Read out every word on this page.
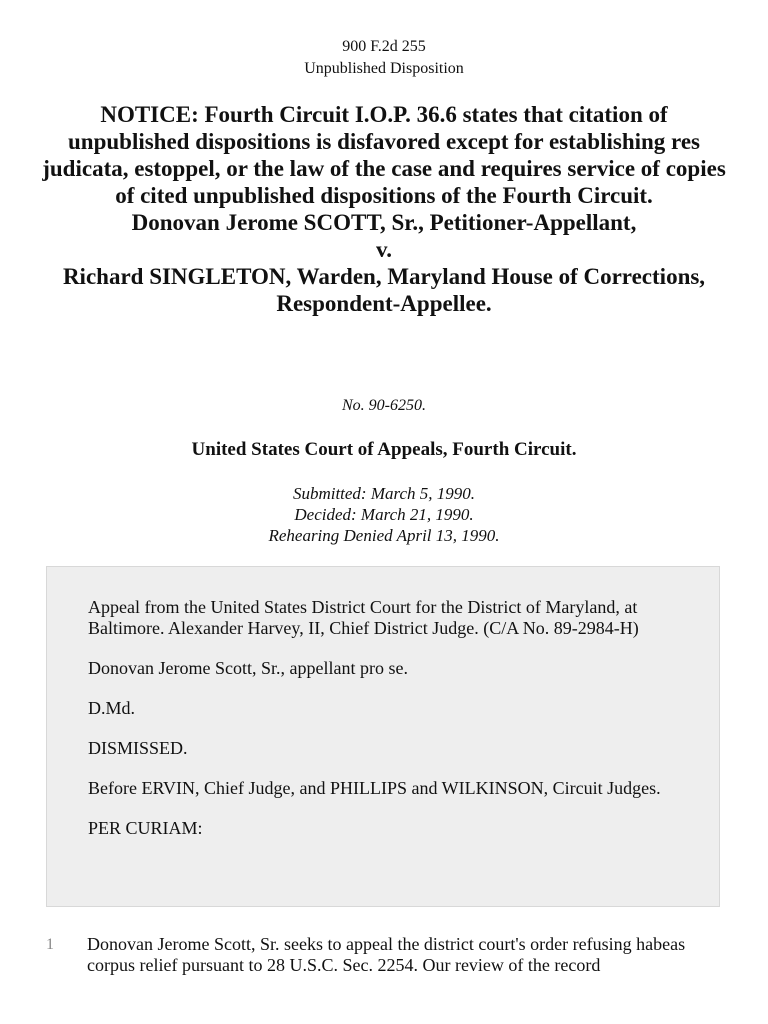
900 F.2d 255
Unpublished Disposition
NOTICE: Fourth Circuit I.O.P. 36.6 states that citation of unpublished dispositions is disfavored except for establishing res judicata, estoppel, or the law of the case and requires service of copies of cited unpublished dispositions of the Fourth Circuit.
Donovan Jerome SCOTT, Sr., Petitioner-Appellant,
v.
Richard SINGLETON, Warden, Maryland House of Corrections,
Respondent-Appellee.
No. 90-6250.
United States Court of Appeals, Fourth Circuit.
Submitted: March 5, 1990.
Decided: March 21, 1990.
Rehearing Denied April 13, 1990.

Appeal from the United States District Court for the District of Maryland, at Baltimore. Alexander Harvey, II, Chief District Judge. (C/A No. 89-2984-H)

Donovan Jerome Scott, Sr., appellant pro se.

D.Md.

DISMISSED.

Before ERVIN, Chief Judge, and PHILLIPS and WILKINSON, Circuit Judges.

PER CURIAM:

1 Donovan Jerome Scott, Sr. seeks to appeal the district court's order refusing habeas corpus relief pursuant to 28 U.S.C. Sec. 2254. Our review of the record
